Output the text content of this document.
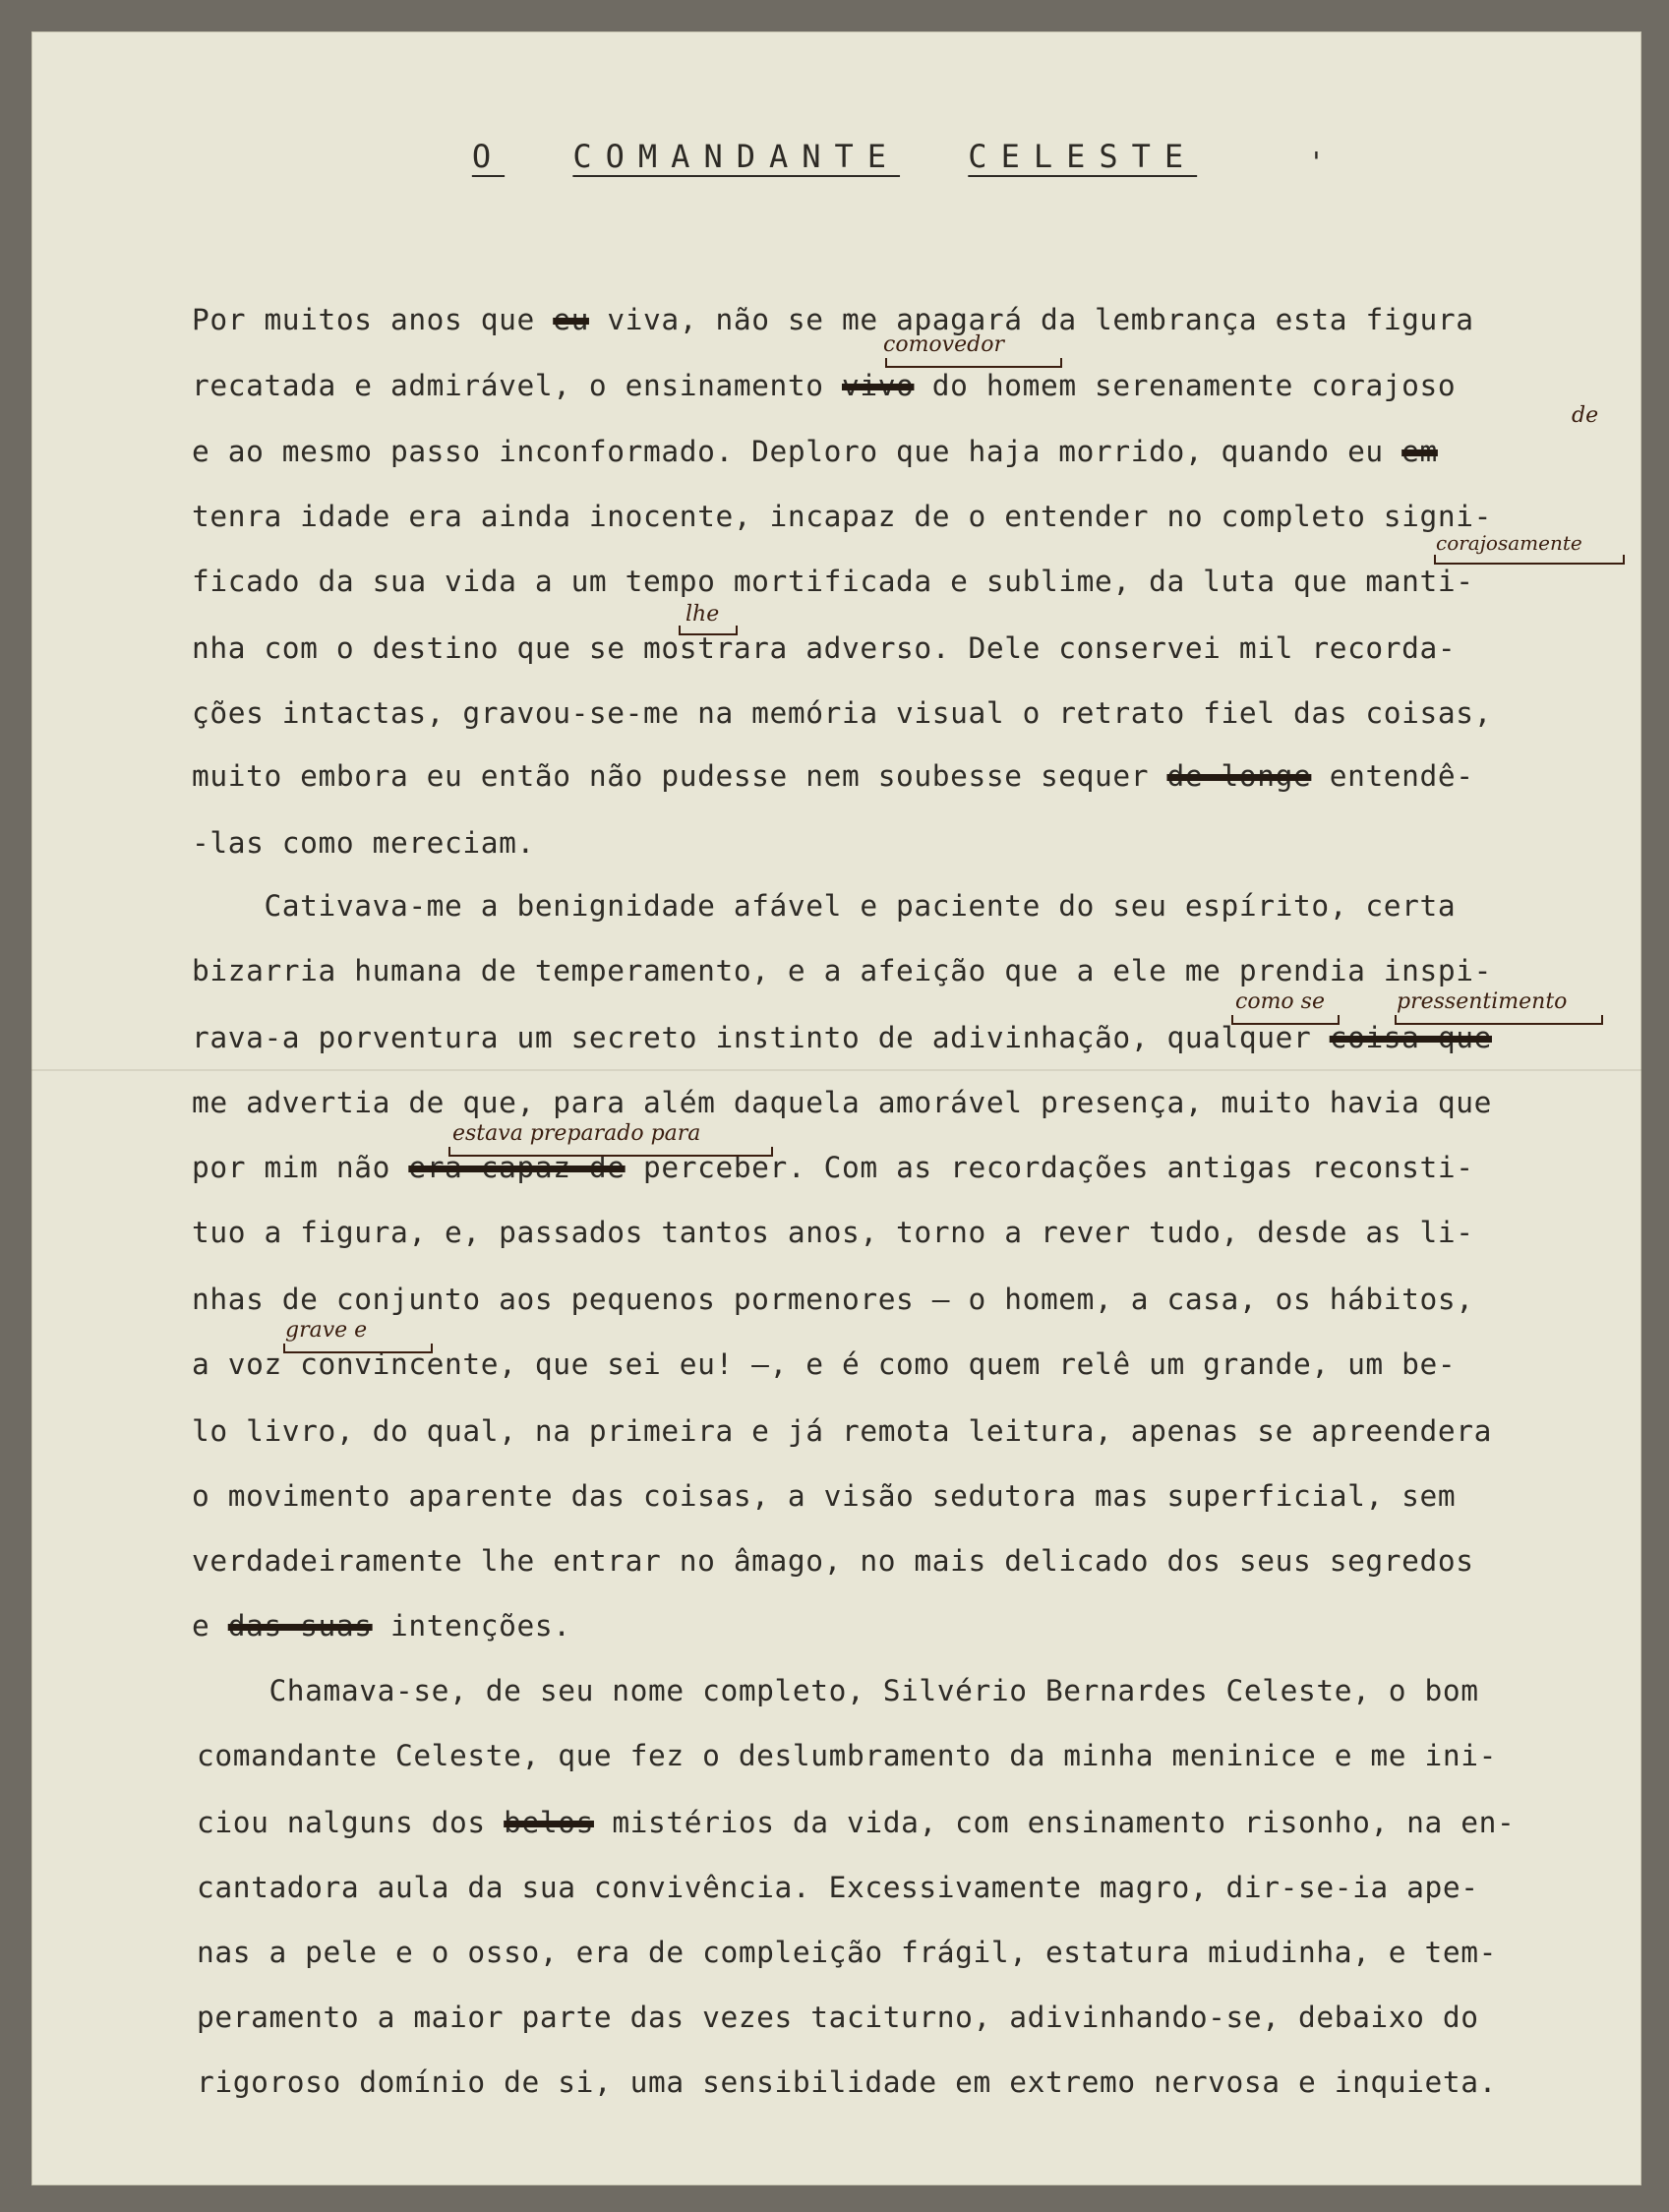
O COMANDANTE CELESTE	'
Por muitos anos que eu viva, não se me apagará da lembrança esta figura
recatada e admirável, o ensinamento vivo do homem serenamente corajoso
e ao mesmo passo inconformado. Deploro que haja morrido, quando eu em
tenra idade era ainda inocente, incapaz de o entender no completo signi-
ficado da sua vida a um tempo mortificada e sublime, da luta que manti-
nha com o destino que se mostrara adverso. Dele conservei mil recorda-
ções intactas, gravou-se-me na memória visual o retrato fiel das coisas,
muito embora eu então não pudesse nem soubesse sequer de longe entendê-
-las como mereciam.
Cativava-me a benignidade afável e paciente do seu espírito, certa
bizarria humana de temperamento, e a afeição que a ele me prendia inspi-
rava-a porventura um secreto instinto de adivinhação, qualquer coisa que
me advertia de que, para além daquela amorável presença, muito havia que
por mim não era capaz de perceber. Com as recordações antigas reconsti-
tuo a figura, e, passados tantos anos, torno a rever tudo, desde as li-
nhas de conjunto aos pequenos pormenores — o homem, a casa, os hábitos,
a voz convincente, que sei eu! —, e é como quem relê um grande, um be-
lo livro, do qual, na primeira e já remota leitura, apenas se apreendera
o movimento aparente das coisas, a visão sedutora mas superficial, sem
verdadeiramente lhe entrar no âmago, no mais delicado dos seus segredos
e das suas intenções.
Chamava-se, de seu nome completo, Silvério Bernardes Celeste, o bom
comandante Celeste, que fez o deslumbramento da minha meninice e me ini-
ciou nalguns dos belos mistérios da vida, com ensinamento risonho, na en-
cantadora aula da sua convivência. Excessivamente magro, dir-se-ia ape-
nas a pele e o osso, era de compleição frágil, estatura miudinha, e tem-
peramento a maior parte das vezes taciturno, adivinhando-se, debaixo do
rigoroso domínio de si, uma sensibilidade em extremo nervosa e inquieta.
comovedor
de
corajosamente
lhe
como se	pressentimento
estava preparado para
grave e
